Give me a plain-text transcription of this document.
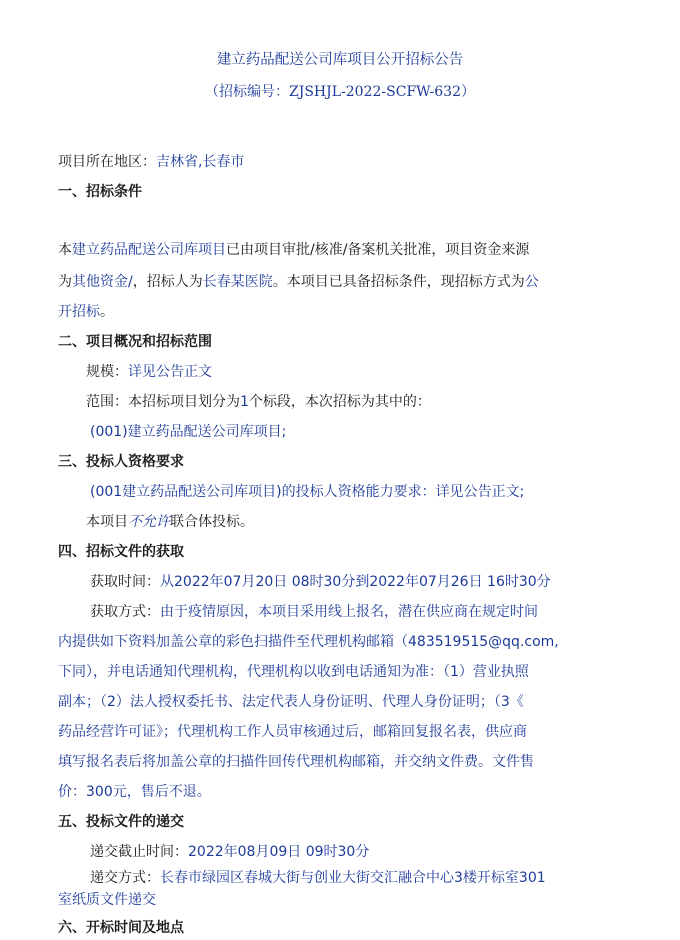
建立药品配送公司库项目公开招标公告
（招标编号：ZJSHJL-2022-SCFW-632）
项目所在地区：吉林省,长春市
一、招标条件
本建立药品配送公司库项目已由项目审批/核准/备案机关批准，项目资金来源
为其他资金/，招标人为长春某医院。本项目已具备招标条件，现招标方式为公
开招标。
二、项目概况和招标范围
规模：详见公告正文
范围：本招标项目划分为1个标段，本次招标为其中的：
(001)建立药品配送公司库项目;
三、投标人资格要求
(001建立药品配送公司库项目)的投标人资格能力要求：详见公告正文;
本项目不允许联合体投标。
四、招标文件的获取
获取时间：从2022年07月20日 08时30分到2022年07月26日 16时30分
获取方式：由于疫情原因，本项目采用线上报名，潜在供应商在规定时间
内提供如下资料加盖公章的彩色扫描件至代理机构邮箱（483519515@qq.com,
下同），并电话通知代理机构，代理机构以收到电话通知为准：（1）营业执照
副本；（2）法人授权委托书、法定代表人身份证明、代理人身份证明；（3《
药品经营许可证》；代理机构工作人员审核通过后，邮箱回复报名表，供应商
填写报名表后将加盖公章的扫描件回传代理机构邮箱，并交纳文件费。文件售
价：300元，售后不退。
五、投标文件的递交
递交截止时间：2022年08月09日 09时30分
递交方式：长春市绿园区春城大街与创业大街交汇融合中心3楼开标室301
室纸质文件递交
六、开标时间及地点
